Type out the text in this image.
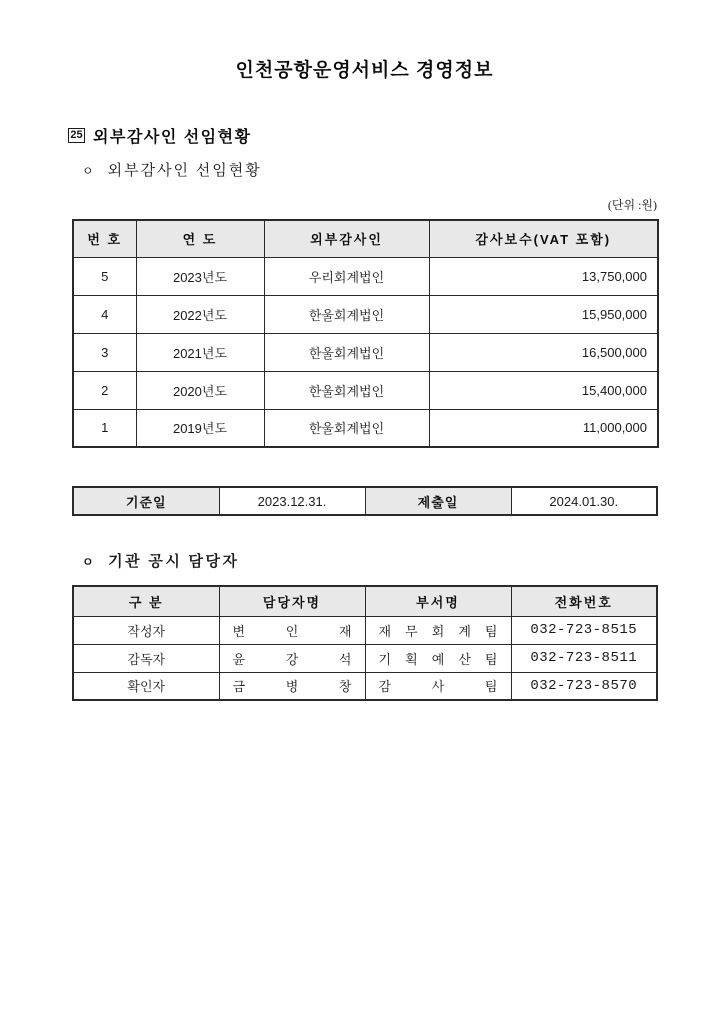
인천공항운영서비스 경영정보
25 외부감사인 선임현황
ㅇ 외부감사인 선임현황
(단위 :원)
번 호	연 도	외부감사인	감사보수(VAT 포함)
5	2023년도	우리회계법인	13,750,000
4	2022년도	한울회계법인	15,950,000
3	2021년도	한울회계법인	16,500,000
2	2020년도	한울회계법인	15,400,000
1	2019년도	한울회계법인	11,000,000
기준일	2023.12.31.	제출일	2024.01.30.
ㅇ 기관 공시 담당자
구 분	담당자명	부서명	전화번호
작성자	변 인 재	재 무 회 계 팀	032-723-8515
감독자	윤 강 석	기 획 예 산 팀	032-723-8511
확인자	금 병 창	감 사 팀	032-723-8570
